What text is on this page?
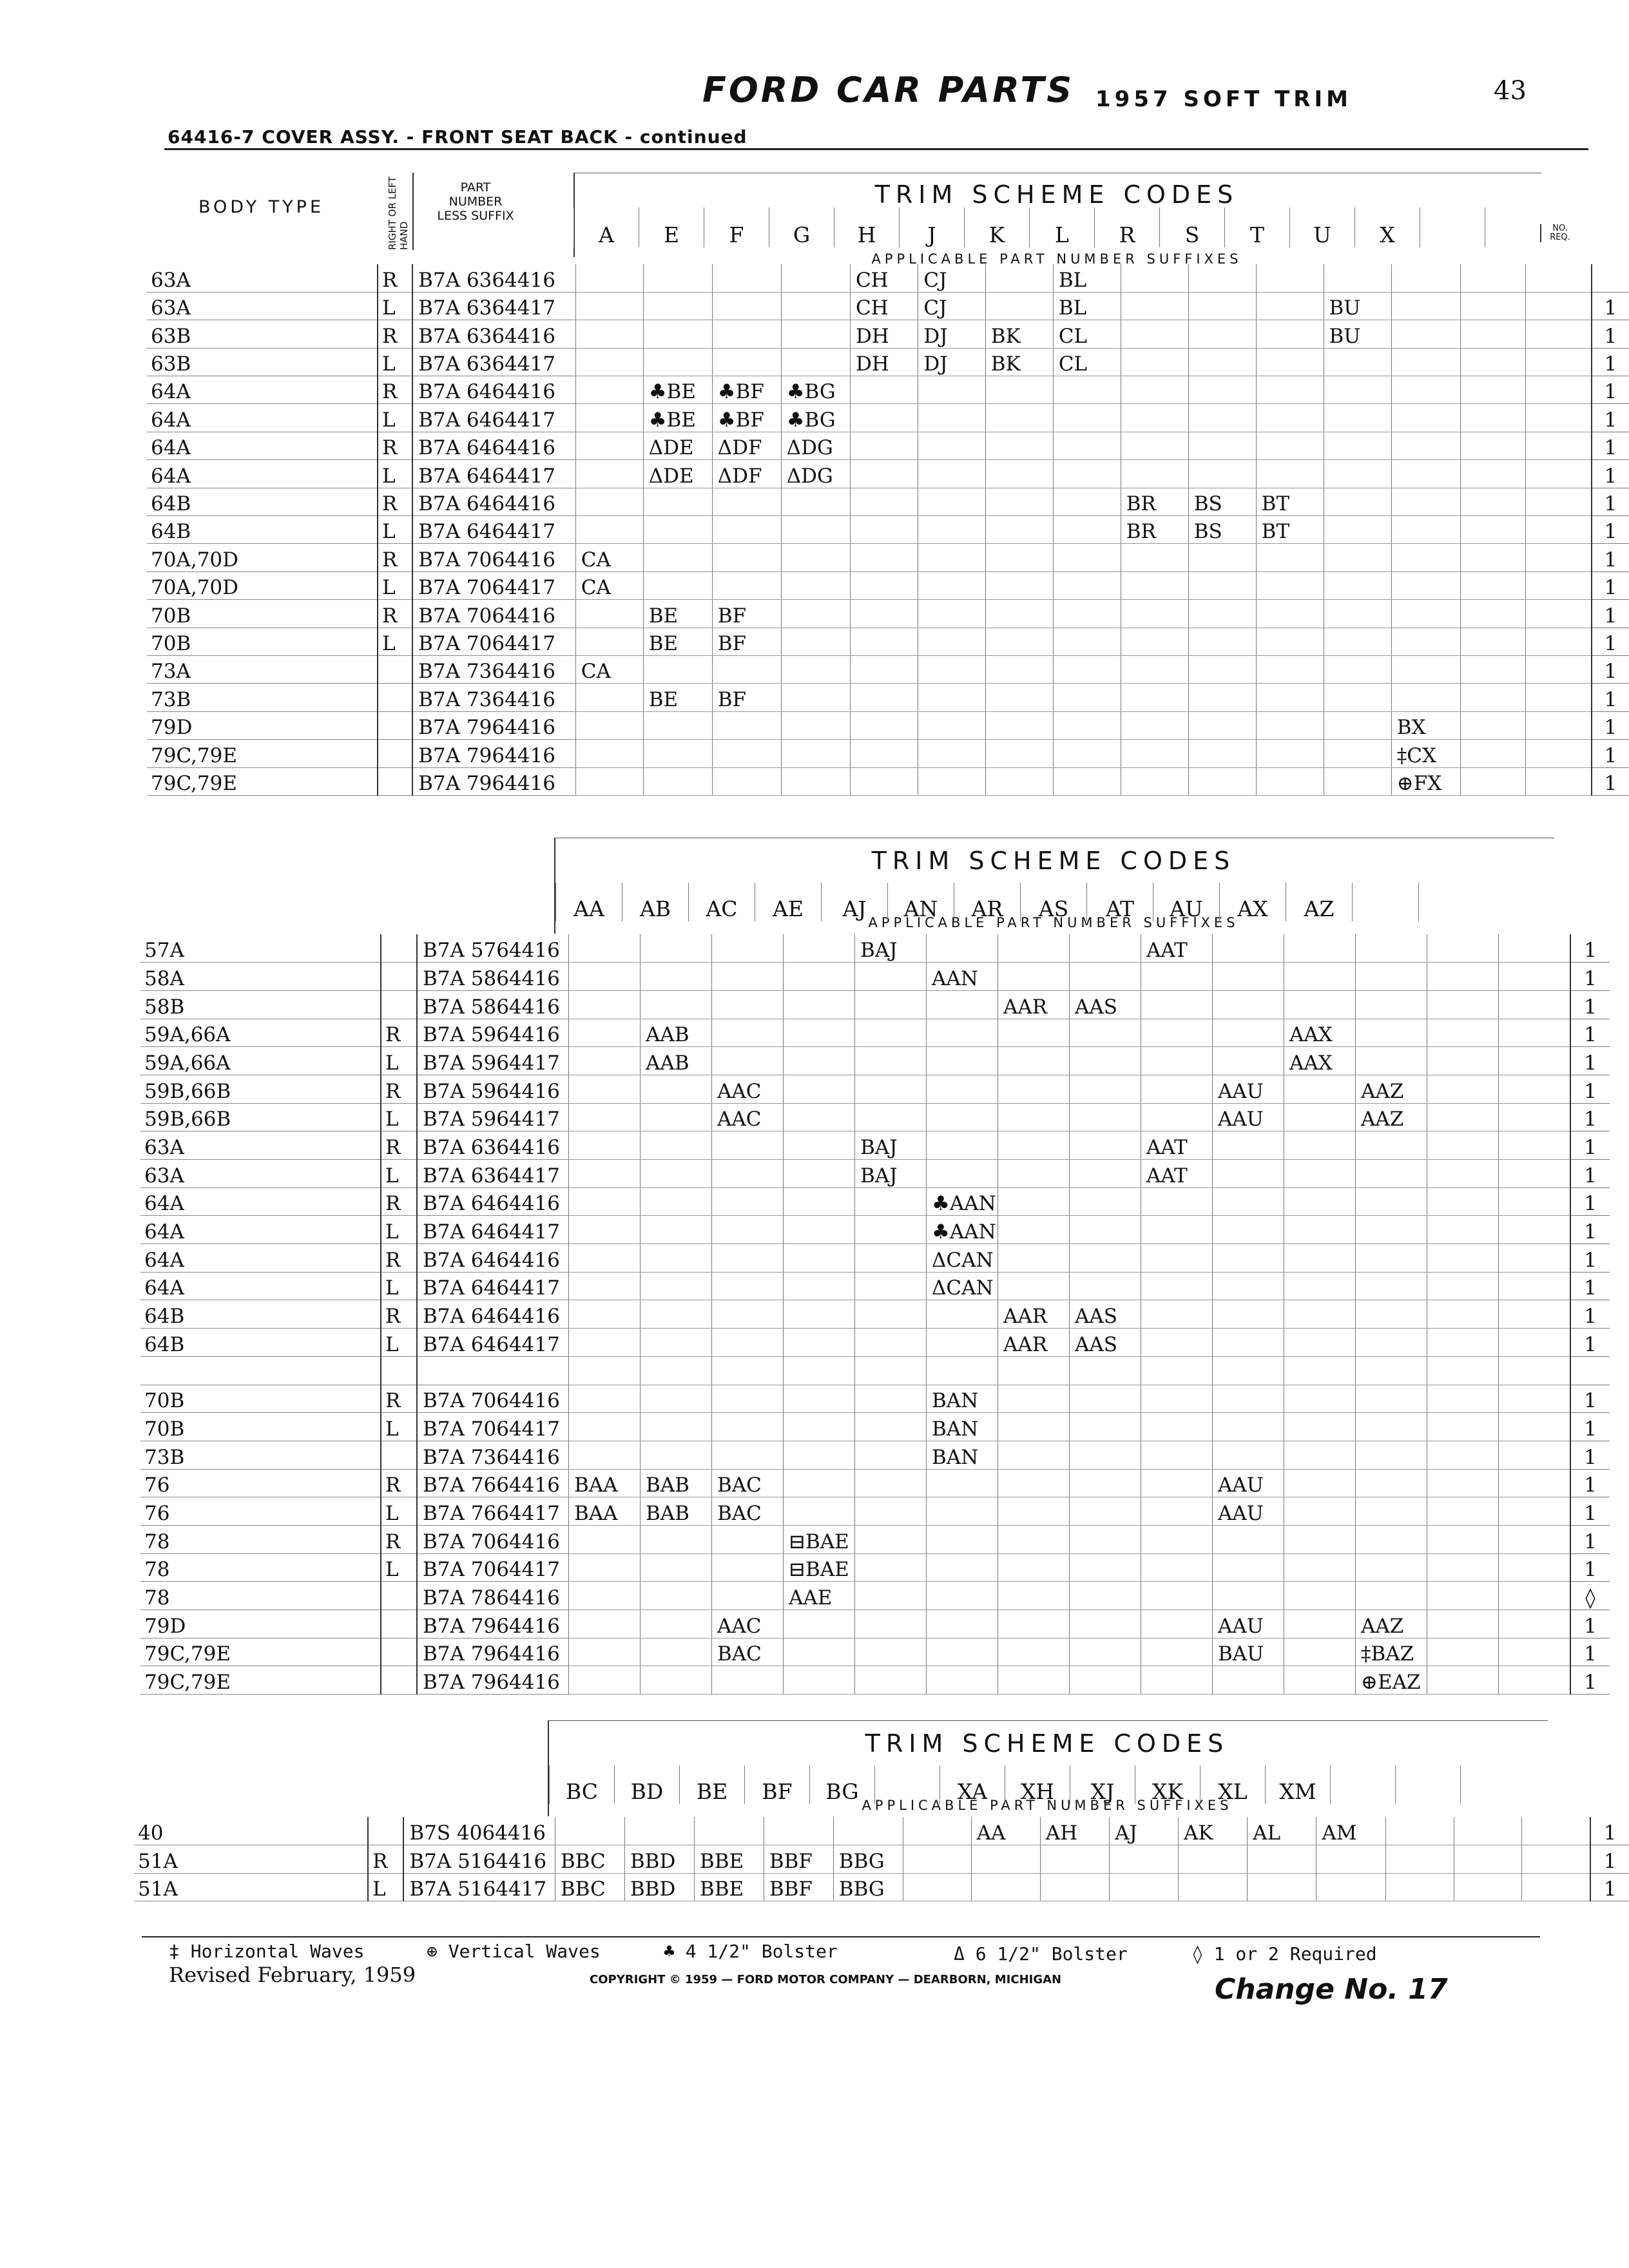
FORD CAR PARTS 1957 SOFT TRIM	43
64416-7 COVER ASSY. - FRONT SEAT BACK - continued
BODY TYPE	RIGHT OR LEFT HAND
PART
NUMBER
LESS SUFFIX
TRIM SCHEME CODES
APPLICABLE PART NUMBER SUFFIXES
NO.
REQ.
A	E	F	G	H	J	K	L	R	S	T	U	X		
63A	R	B7A 6364416					CH	CJ		BL								
63A	L	B7A 6364417					CH	CJ		BL				BU				1
63B	R	B7A 6364416					DH	DJ	BK	CL				BU				1
63B	L	B7A 6364417					DH	DJ	BK	CL								1
64A	R	B7A 6464416		♣BE	♣BF	♣BG												1
64A	L	B7A 6464417		♣BE	♣BF	♣BG												1
64A	R	B7A 6464416		ΔDE	ΔDF	ΔDG												1
64A	L	B7A 6464417		ΔDE	ΔDF	ΔDG												1
64B	R	B7A 6464416									BR	BS	BT					1
64B	L	B7A 6464417									BR	BS	BT					1
70A,70D	R	B7A 7064416	CA															1
70A,70D	L	B7A 7064417	CA															1
70B	R	B7A 7064416		BE	BF													1
70B	L	B7A 7064417		BE	BF													1
73A		B7A 7364416	CA															1
73B		B7A 7364416		BE	BF													1
79D		B7A 7964416													BX			1
79C,79E		B7A 7964416													‡CX			1
79C,79E		B7A 7964416													⊕FX			1
TRIM SCHEME CODES
APPLICABLE PART NUMBER SUFFIXES
AA	AB	AC	AE	AJ	AN	AR	AS	AT	AU	AX	AZ		
57A		B7A 5764416					BAJ				AAT						1
58A		B7A 5864416						AAN									1
58B		B7A 5864416							AAR	AAS							1
59A,66A	R	B7A 5964416		AAB									AAX				1
59A,66A	L	B7A 5964417		AAB									AAX				1
59B,66B	R	B7A 5964416			AAC							AAU		AAZ			1
59B,66B	L	B7A 5964417			AAC							AAU		AAZ			1
63A	R	B7A 6364416					BAJ				AAT						1
63A	L	B7A 6364417					BAJ				AAT						1
64A	R	B7A 6464416						♣AAN									1
64A	L	B7A 6464417						♣AAN									1
64A	R	B7A 6464416						ΔCAN									1
64A	L	B7A 6464417						ΔCAN									1
64B	R	B7A 6464416							AAR	AAS							1
64B	L	B7A 6464417							AAR	AAS							1

70B	R	B7A 7064416						BAN									1
70B	L	B7A 7064417						BAN									1
73B		B7A 7364416						BAN									1
76	R	B7A 7664416	BAA	BAB	BAC							AAU					1
76	L	B7A 7664417	BAA	BAB	BAC							AAU					1
78	R	B7A 7064416				⊟BAE											1
78	L	B7A 7064417				⊟BAE											1
78		B7A 7864416				AAE											◊
79D		B7A 7964416			AAC							AAU		AAZ			1
79C,79E		B7A 7964416			BAC							BAU		‡BAZ			1
79C,79E		B7A 7964416												⊕EAZ			1
TRIM SCHEME CODES
APPLICABLE PART NUMBER SUFFIXES
BC	BD	BE	BF	BG		XA	XH	XJ	XK	XL	XM			
40		B7S 4064416							AA	AH	AJ	AK	AL	AM				1
51A	R	B7A 5164416	BBC	BBD	BBE	BBF	BBG											1
51A	L	B7A 5164417	BBC	BBD	BBE	BBF	BBG											1
‡ Horizontal Waves	⊕ Vertical Waves	♣ 4 1/2" Bolster	Δ 6 1/2" Bolster	◊ 1 or 2 Required
Revised February, 1959	COPYRIGHT © 1959 — FORD MOTOR COMPANY — DEARBORN, MICHIGAN	Change No. 17
